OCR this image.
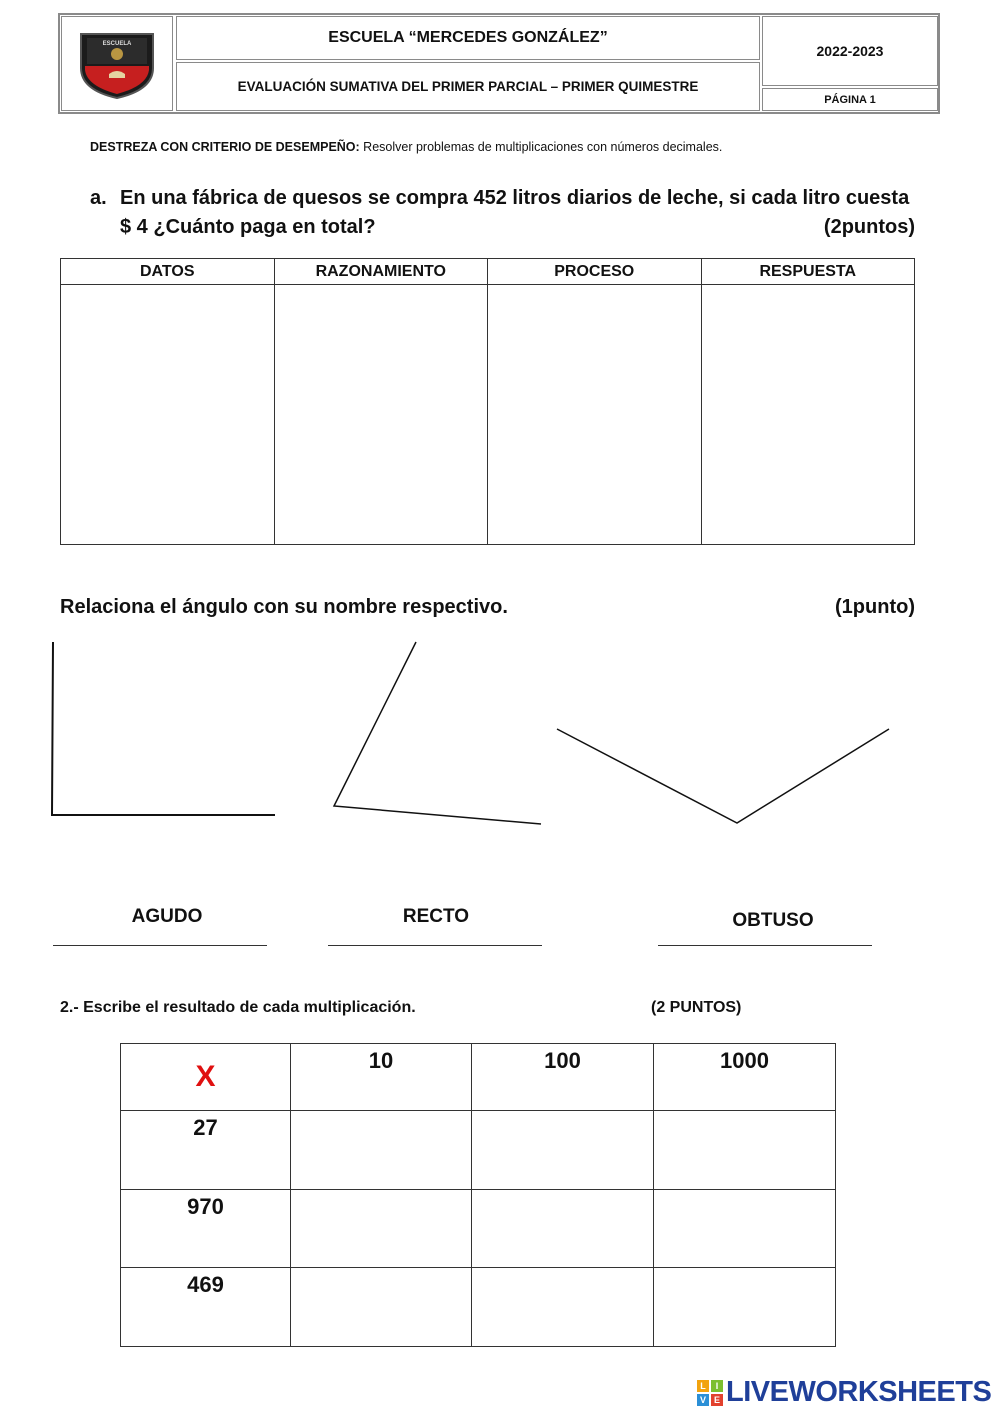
ESCUELA	ESCUELA “MERCEDES GONZÁLEZ”
EVALUACIÓN SUMATIVA DEL PRIMER PARCIAL – PRIMER QUIMESTRE
2022-2023
PÁGINA 1
DESTREZA CON CRITERIO DE DESEMPEÑO: Resolver problemas de multiplicaciones con números decimales.
a. En una fábrica de quesos se compra 452 litros diarios de leche, si cada litro cuesta
$ 4 ¿Cuánto paga en total?	(2puntos)
DATOS	RAZONAMIENTO	PROCESO	RESPUESTA

Relaciona el ángulo con su nombre respectivo.	(1punto)
AGUDO	RECTO	OBTUSO
2.- Escribe el resultado de cada multiplicación.	(2 PUNTOS)
X	10	100	1000
27			
970			
469			
L	I
V E LIVEWORKSHEETS
